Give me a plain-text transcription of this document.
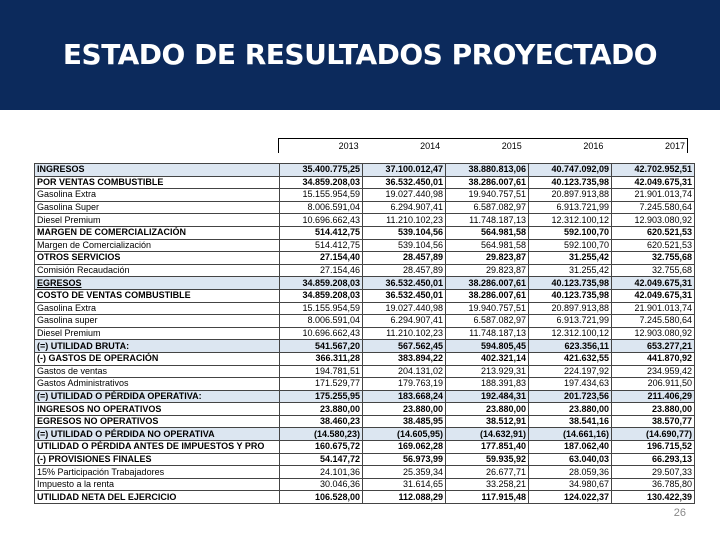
ESTADO DE RESULTADOS PROYECTADO
2013	2014	2015	2016	2017
INGRESOS	35.400.775,25	37.100.012,47	38.880.813,06	40.747.092,09	42.702.952,51
POR VENTAS COMBUSTIBLE	34.859.208,03	36.532.450,01	38.286.007,61	40.123.735,98	42.049.675,31
Gasolina Extra	15.155.954,59	19.027.440,98	19.940.757,51	20.897.913,88	21.901.013,74
Gasolina Super	8.006.591,04	6.294.907,41	6.587.082,97	6.913.721,99	7.245.580,64
Diesel Premium	10.696.662,43	11.210.102,23	11.748.187,13	12.312.100,12	12.903.080,92
MARGEN DE COMERCIALIZACIÓN	514.412,75	539.104,56	564.981,58	592.100,70	620.521,53
Margen de Comercialización	514.412,75	539.104,56	564.981,58	592.100,70	620.521,53
OTROS SERVICIOS	27.154,40	28.457,89	29.823,87	31.255,42	32.755,68
Comisión Recaudación	27.154,46	28.457,89	29.823,87	31.255,42	32.755,68
EGRESOS	34.859.208,03	36.532.450,01	38.286.007,61	40.123.735,98	42.049.675,31
COSTO DE VENTAS COMBUSTIBLE	34.859.208,03	36.532.450,01	38.286.007,61	40.123.735,98	42.049.675,31
Gasolina Extra	15.155.954,59	19.027.440,98	19.940.757,51	20.897.913,88	21.901.013,74
Gasolina super	8.006.591,04	6.294.907,41	6.587.082,97	6.913.721,99	7.245.580,64
Diesel Premium	10.696.662,43	11.210.102,23	11.748.187,13	12.312.100,12	12.903.080,92
(=) UTILIDAD BRUTA:	541.567,20	567.562,45	594.805,45	623.356,11	653.277,21
(-) GASTOS DE OPERACIÓN	366.311,28	383.894,22	402.321,14	421.632,55	441.870,92
Gastos de ventas	194.781,51	204.131,02	213.929,31	224.197,92	234.959,42
Gastos Administrativos	171.529,77	179.763,19	188.391,83	197.434,63	206.911,50
(=) UTILIDAD O PÉRDIDA OPERATIVA:	175.255,95	183.668,24	192.484,31	201.723,56	211.406,29
INGRESOS NO OPERATIVOS	23.880,00	23.880,00	23.880,00	23.880,00	23.880,00
EGRESOS NO OPERATIVOS	38.460,23	38.485,95	38.512,91	38.541,16	38.570,77
(=) UTILIDAD O PÉRDIDA NO OPERATIVA	(14.580,23)	(14.605,95)	(14.632,91)	(14.661,16)	(14.690,77)
UTILIDAD O PÉRDIDA ANTES DE IMPUESTOS Y PRO	160.675,72	169.062,28	177.851,40	187.062,40	196.715,52
(-) PROVISIONES FINALES	54.147,72	56.973,99	59.935,92	63.040,03	66.293,13
15% Participación Trabajadores	24.101,36	25.359,34	26.677,71	28.059,36	29.507,33
Impuesto a la renta	30.046,36	31.614,65	33.258,21	34.980,67	36.785,80
UTILIDAD NETA DEL EJERCICIO	106.528,00	112.088,29	117.915,48	124.022,37	130.422,39
26
